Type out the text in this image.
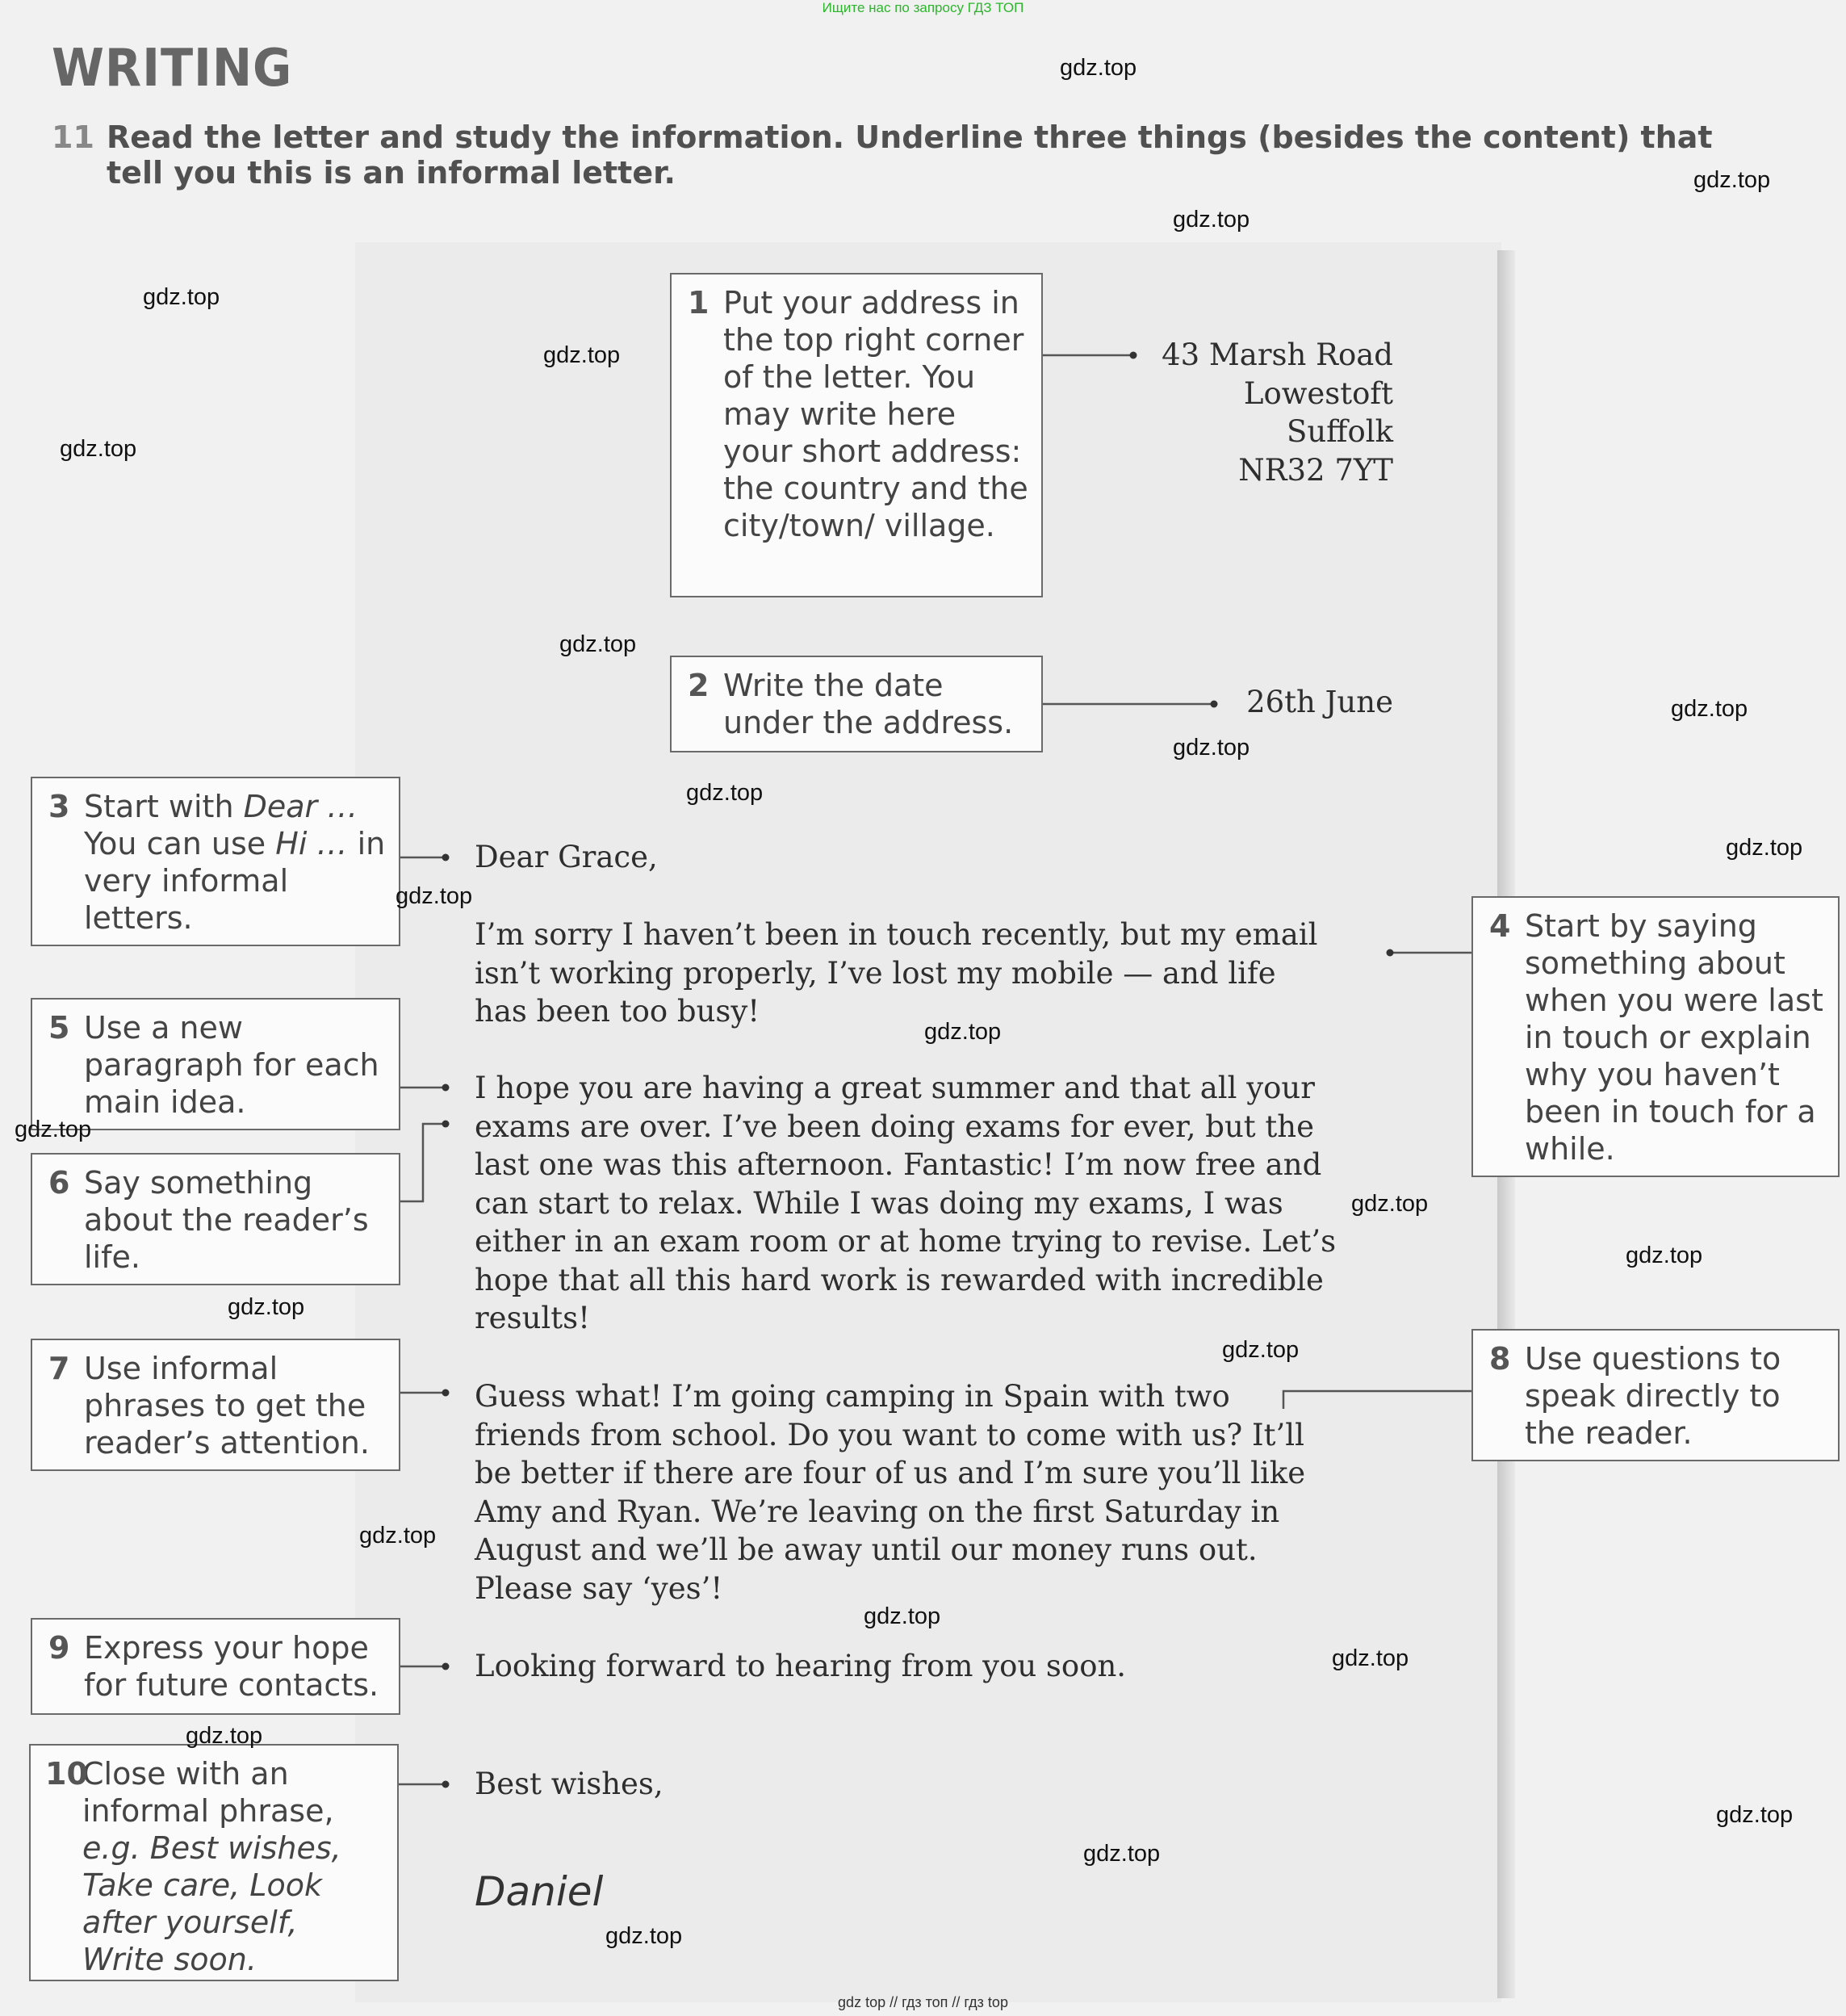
Ищите нас по запросу ГДЗ ТОП
WRITING
11 Read the letter and study the information. Underline three things (besides the content) that tell you this is an informal letter.
1 Put your address in the top right corner of the letter. You may write here your short address: the country and the city/town/ village.
2 Write the date under the address.
3 Start with Dear … You can use Hi … in very informal letters.	4 Start by saying something about when you were last in touch or explain why you haven’t been in touch for a while.
5 Use a new paragraph for each main idea.
6 Say something about the reader’s life.
7 Use informal phrases to get the reader’s attention.
8 Use questions to speak directly to the reader.
9 Express your hope for future contacts.
10
Close with an informal phrase, e.g. Best wishes, Take care, Look after yourself, Write soon.
43 Marsh Road
Lowestoft
Suffolk
NR32 7YT
26th June
Dear Grace,
I’m sorry I haven’t been in touch recently, but my email
isn’t working properly, I’ve lost my mobile — and life
has been too busy!
I hope you are having a great summer and that all your
exams are over. I’ve been doing exams for ever, but the
last one was this afternoon. Fantastic! I’m now free and
can start to relax. While I was doing my exams, I was
either in an exam room or at home trying to revise. Let’s
hope that all this hard work is rewarded with incredible
results!
Guess what! I’m going camping in Spain with two
friends from school. Do you want to come with us? It’ll
be better if there are four of us and I’m sure you’ll like
Amy and Ryan. We’re leaving on the first Saturday in
August and we’ll be away until our money runs out.
Please say ‘yes’!
Looking forward to hearing from you soon.
Best wishes,
Daniel
gdz.top
gdz.top
gdz.top
gdz.top
gdz.top
gdz.top
gdz.top
gdz.top
gdz.top
gdz.top
gdz.top
gdz.top
gdz.top
gdz.top
gdz.top
gdz.top
gdz.top
gdz.top
gdz.top
gdz.top
gdz.top
gdz.top
gdz.top
gdz.top
gdz.top
gdz top // гдз топ // гдз top
